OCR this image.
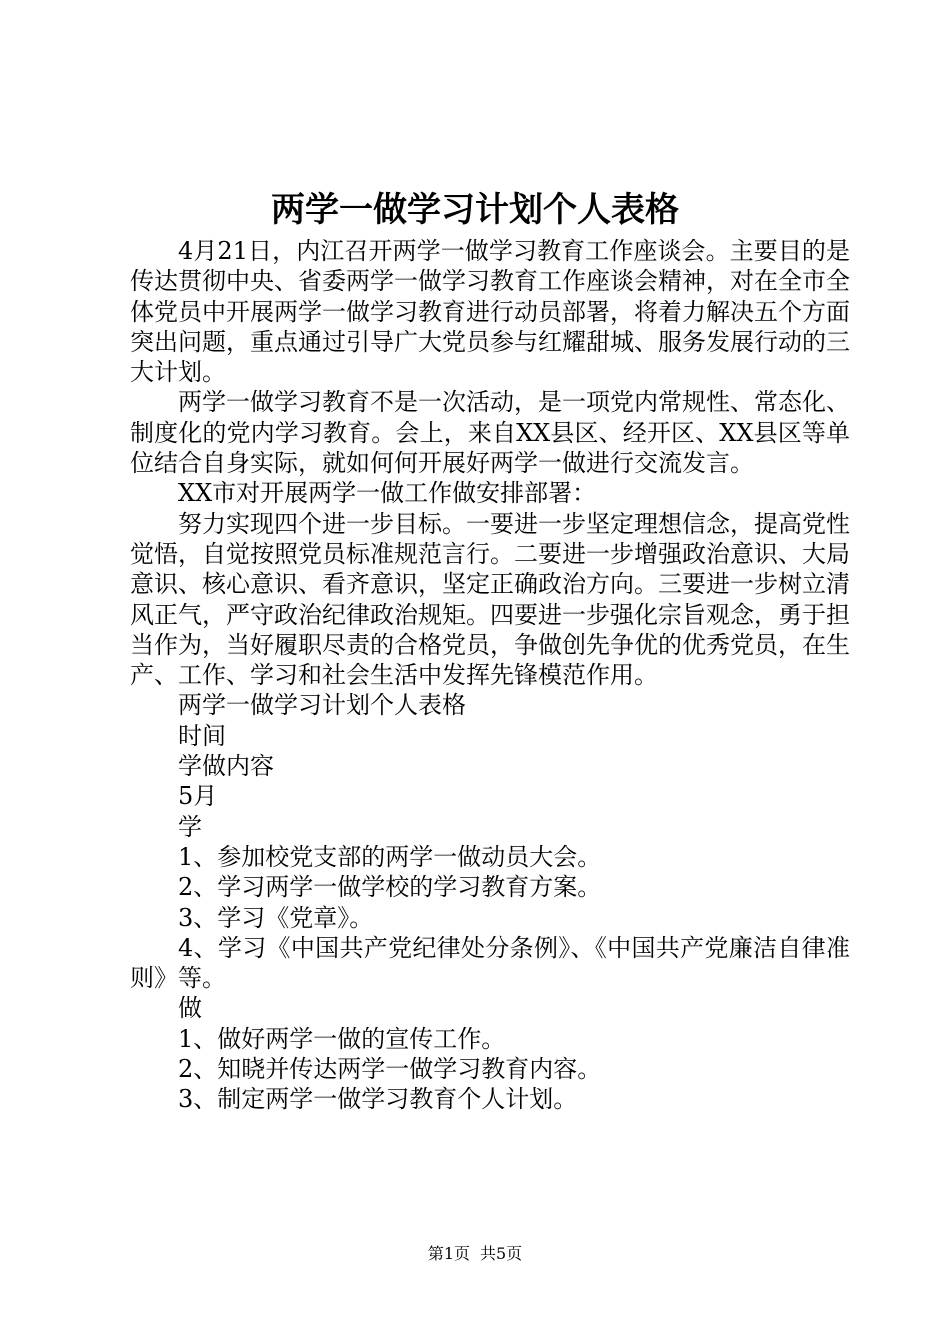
两学一做学习计划个人表格

4月21日，内江召开两学一做学习教育工作座谈会。主要目的是传达贯彻中央、省委两学一做学习教育工作座谈会精神，对在全市全体党员中开展两学一做学习教育进行动员部署，将着力解决五个方面突出问题，重点通过引导广大党员参与红耀甜城、服务发展行动的三大计划。

两学一做学习教育不是一次活动，是一项党内常规性、常态化、制度化的党内学习教育。会上，来自XX县区、经开区、XX县区等单位结合自身实际，就如何何开展好两学一做进行交流发言。

XX市对开展两学一做工作做安排部署：

努力实现四个进一步目标。一要进一步坚定理想信念，提高党性觉悟，自觉按照党员标准规范言行。二要进一步增强政治意识、大局意识、核心意识、看齐意识，坚定正确政治方向。三要进一步树立清风正气，严守政治纪律政治规矩。四要进一步强化宗旨观念，勇于担当作为，当好履职尽责的合格党员，争做创先争优的优秀党员，在生产、工作、学习和社会生活中发挥先锋模范作用。

两学一做学习计划个人表格

时间

学做内容

5月

学

1、参加校党支部的两学一做动员大会。

2、学习两学一做学校的学习教育方案。

3、学习《党章》。

4、学习《中国共产党纪律处分条例》、《中国共产党廉洁自律准则》等。

做

1、做好两学一做的宣传工作。

2、知晓并传达两学一做学习教育内容。

3、制定两学一做学习教育个人计划。

第1页 共5页
